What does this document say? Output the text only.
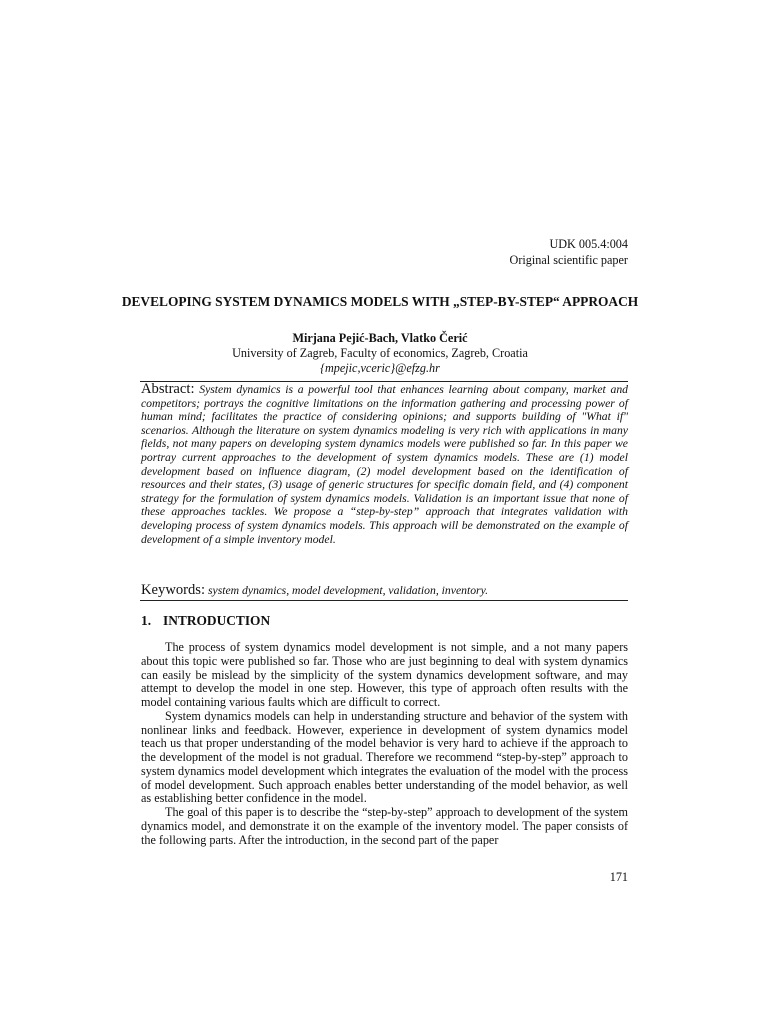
UDK 005.4:004
Original scientific paper
DEVELOPING SYSTEM DYNAMICS MODELS WITH „STEP-BY-STEP“ APPROACH
Mirjana Pejić-Bach, Vlatko Čerić
University of Zagreb, Faculty of economics, Zagreb, Croatia
{mpejic,vceric}@efzg.hr
Abstract: System dynamics is a powerful tool that enhances learning about company, market and competitors; portrays the cognitive limitations on the information gathering and processing power of human mind; facilitates the practice of considering opinions; and supports building of "What if" scenarios. Although the literature on system dynamics modeling is very rich with applications in many fields, not many papers on developing system dynamics models were published so far. In this paper we portray current approaches to the development of system dynamics models. These are (1) model development based on influence diagram, (2) model development based on the identification of resources and their states, (3) usage of generic structures for specific domain field, and (4) component strategy for the formulation of system dynamics models. Validation is an important issue that none of these approaches tackles. We propose a “step-by-step” approach that integrates validation with developing process of system dynamics models. This approach will be demonstrated on the example of development of a simple inventory model.
Keywords: system dynamics, model development, validation, inventory.
1. INTRODUCTION

The process of system dynamics model development is not simple, and a not many papers about this topic were published so far. Those who are just beginning to deal with system dynamics can easily be mislead by the simplicity of the system dynamics development software, and may attempt to develop the model in one step. However, this type of approach often results with the model containing various faults which are difficult to correct.

System dynamics models can help in understanding structure and behavior of the system with nonlinear links and feedback. However, experience in development of system dynamics model teach us that proper understanding of the model behavior is very hard to achieve if the approach to the development of the model is not gradual. Therefore we recommend “step-by-step” approach to system dynamics model development which integrates the evaluation of the model with the process of model development. Such approach enables better understanding of the model behavior, as well as establishing better confidence in the model.

The goal of this paper is to describe the “step-by-step” approach to development of the system dynamics model, and demonstrate it on the example of the inventory model. The paper consists of the following parts. After the introduction, in the second part of the paper

171
